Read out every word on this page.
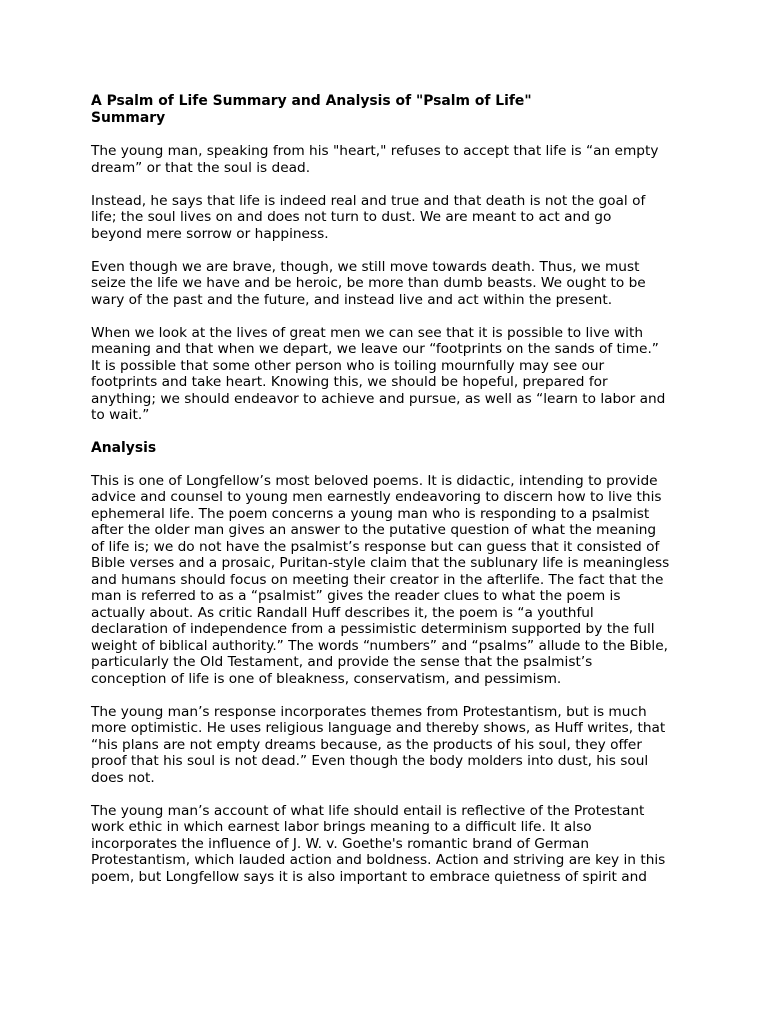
A Psalm of Life Summary and Analysis of "Psalm of Life"
Summary

The young man, speaking from his "heart," refuses to accept that life is “an empty
dream” or that the soul is dead.

Instead, he says that life is indeed real and true and that death is not the goal of
life; the soul lives on and does not turn to dust. We are meant to act and go
beyond mere sorrow or happiness.

Even though we are brave, though, we still move towards death. Thus, we must
seize the life we have and be heroic, be more than dumb beasts. We ought to be
wary of the past and the future, and instead live and act within the present.

When we look at the lives of great men we can see that it is possible to live with
meaning and that when we depart, we leave our “footprints on the sands of time.”
It is possible that some other person who is toiling mournfully may see our
footprints and take heart. Knowing this, we should be hopeful, prepared for
anything; we should endeavor to achieve and pursue, as well as “learn to labor and
to wait.”

Analysis

This is one of Longfellow’s most beloved poems. It is didactic, intending to provide
advice and counsel to young men earnestly endeavoring to discern how to live this
ephemeral life. The poem concerns a young man who is responding to a psalmist
after the older man gives an answer to the putative question of what the meaning
of life is; we do not have the psalmist’s response but can guess that it consisted of
Bible verses and a prosaic, Puritan-style claim that the sublunary life is meaningless
and humans should focus on meeting their creator in the afterlife. The fact that the
man is referred to as a “psalmist” gives the reader clues to what the poem is
actually about. As critic Randall Huff describes it, the poem is “a youthful
declaration of independence from a pessimistic determinism supported by the full
weight of biblical authority.” The words “numbers” and “psalms” allude to the Bible,
particularly the Old Testament, and provide the sense that the psalmist’s
conception of life is one of bleakness, conservatism, and pessimism.

The young man’s response incorporates themes from Protestantism, but is much
more optimistic. He uses religious language and thereby shows, as Huff writes, that
“his plans are not empty dreams because, as the products of his soul, they offer
proof that his soul is not dead.” Even though the body molders into dust, his soul
does not.

The young man’s account of what life should entail is reflective of the Protestant
work ethic in which earnest labor brings meaning to a difficult life. It also
incorporates the influence of J. W. v. Goethe's romantic brand of German
Protestantism, which lauded action and boldness. Action and striving are key in this
poem, but Longfellow says it is also important to embrace quietness of spirit and
